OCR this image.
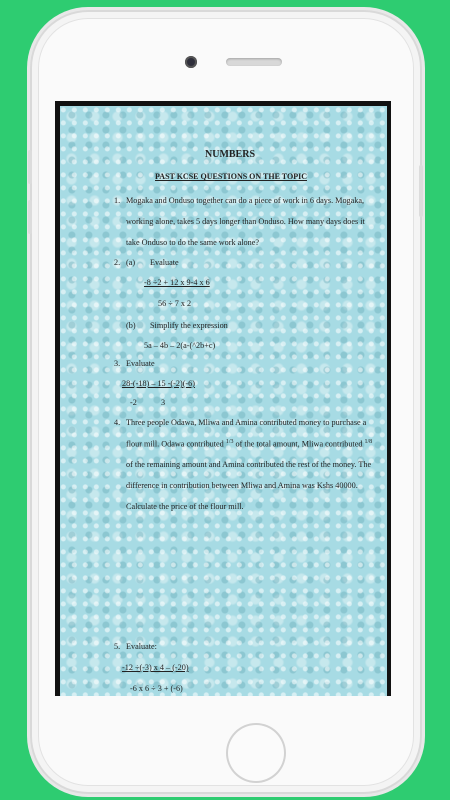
NUMBERS
PAST KCSE QUESTIONS ON THE TOPIC
1. Mogaka and Onduso together can do a piece of work in 6 days. Mogaka,
working alone, takes 5 days longer than Onduso. How many days does it
take Onduso to do the same work alone?
2. (a) Evaluate
-8 ÷2 + 12 x 9-4 x 6
56 ÷ 7 x 2
(b) Simplify the expression
5a – 4b – 2(a-(^2b+c)
3. Evaluate
28-(-18) – 15 -(-2)(-6)
-2	3
4. Three people Odawa, Mliwa and Amina contributed money to purchase a
flour mill. Odawa contributed $^{1/3}$ of the total amount, Mliwa contributed $^{1/8}$
of the remaining amount and Amina contributed the rest of the money. The
difference in contribution between Mliwa and Amina was Kshs 40000.
Calculate the price of the flour mill.
5. Evaluate:
-12 ÷(-3) x 4 – (-20)
-6 x 6 ÷ 3 + (-6)
